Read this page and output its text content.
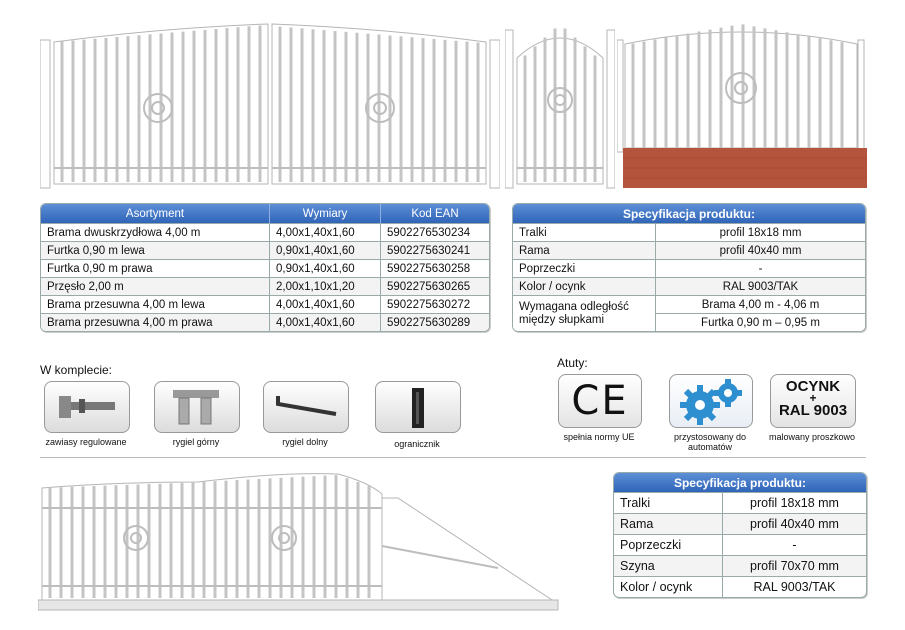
Asortyment	Wymiary	Kod EAN
Brama dwuskrzydłowa 4,00 m	4,00x1,40x1,60	5902276530234
Furtka 0,90 m lewa	0,90x1,40x1,60	5902275630241
Furtka 0,90 m prawa	0,90x1,40x1,60	5902275630258
Przęsło 2,00 m	2,00x1,10x1,20	5902275630265
Brama przesuwna 4,00 m lewa	4,00x1,40x1,60	5902275630272
Brama przesuwna 4,00 m prawa	4,00x1,40x1,60	5902275630289
Specyfikacja produktu:	
Tralki	profil 18x18 mm
Rama	profil 40x40 mm
Poprzeczki	-
Kolor / ocynk	RAL 9003/TAK
Wymagana odległość między słupkami	Brama 4,00 m - 4,06 m
	Furtka 0,90 m – 0,95 m
W komplecie:
zawiasy regulowane	rygiel górny	rygiel dolny	ogranicznik
Atuty:
CE
spełnia normy UE	przystosowany do automatów
OCYNK
+
RAL 9003
malowany proszkowo
Specyfikacja produktu:	
Tralki	profil 18x18 mm
Rama	profil 40x40 mm
Poprzeczki	-
Szyna	profil 70x70 mm
Kolor / ocynk	RAL 9003/TAK
